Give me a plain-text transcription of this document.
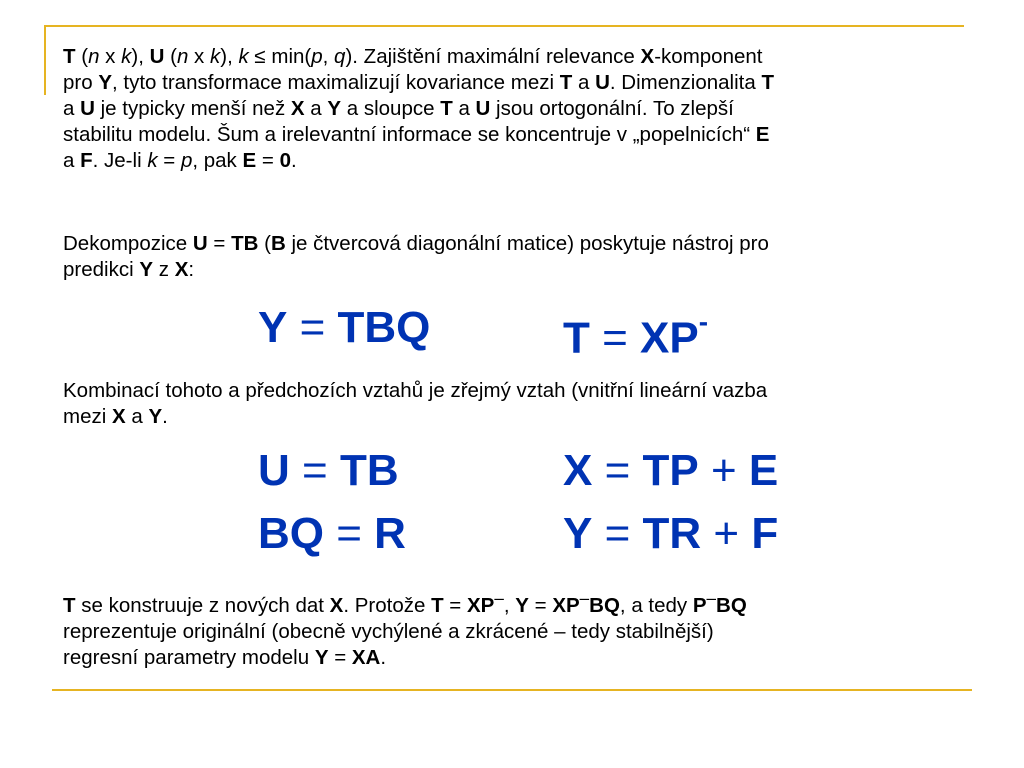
T (n x k), U (n x k), k ≤ min(p, q). Zajištění maximální relevance X-komponent
pro Y, tyto transformace maximalizují kovariance mezi T a U. Dimenzionalita T
a U je typicky menší než X a Y a sloupce T a U jsou ortogonální. To zlepší
stabilitu modelu. Šum a irelevantní informace se koncentruje v „popelnicích“ E
a F. Je-li k = p, pak E = 0.
Dekompozice U = TB (B je čtvercová diagonální matice) poskytuje nástroj pro
predikci Y z X:
Y = TBQ	T = XP-
Kombinací tohoto a předchozích vztahů je zřejmý vztah (vnitřní lineární vazba
mezi X a Y.
U = TB	X = TP + E
BQ = R	Y = TR + F
T se konstruuje z nových dat X. Protože T = XP–, Y = XP–BQ, a tedy P–BQ
reprezentuje originální (obecně vychýlené a zkrácené – tedy stabilnější)
regresní parametry modelu Y = XA.
